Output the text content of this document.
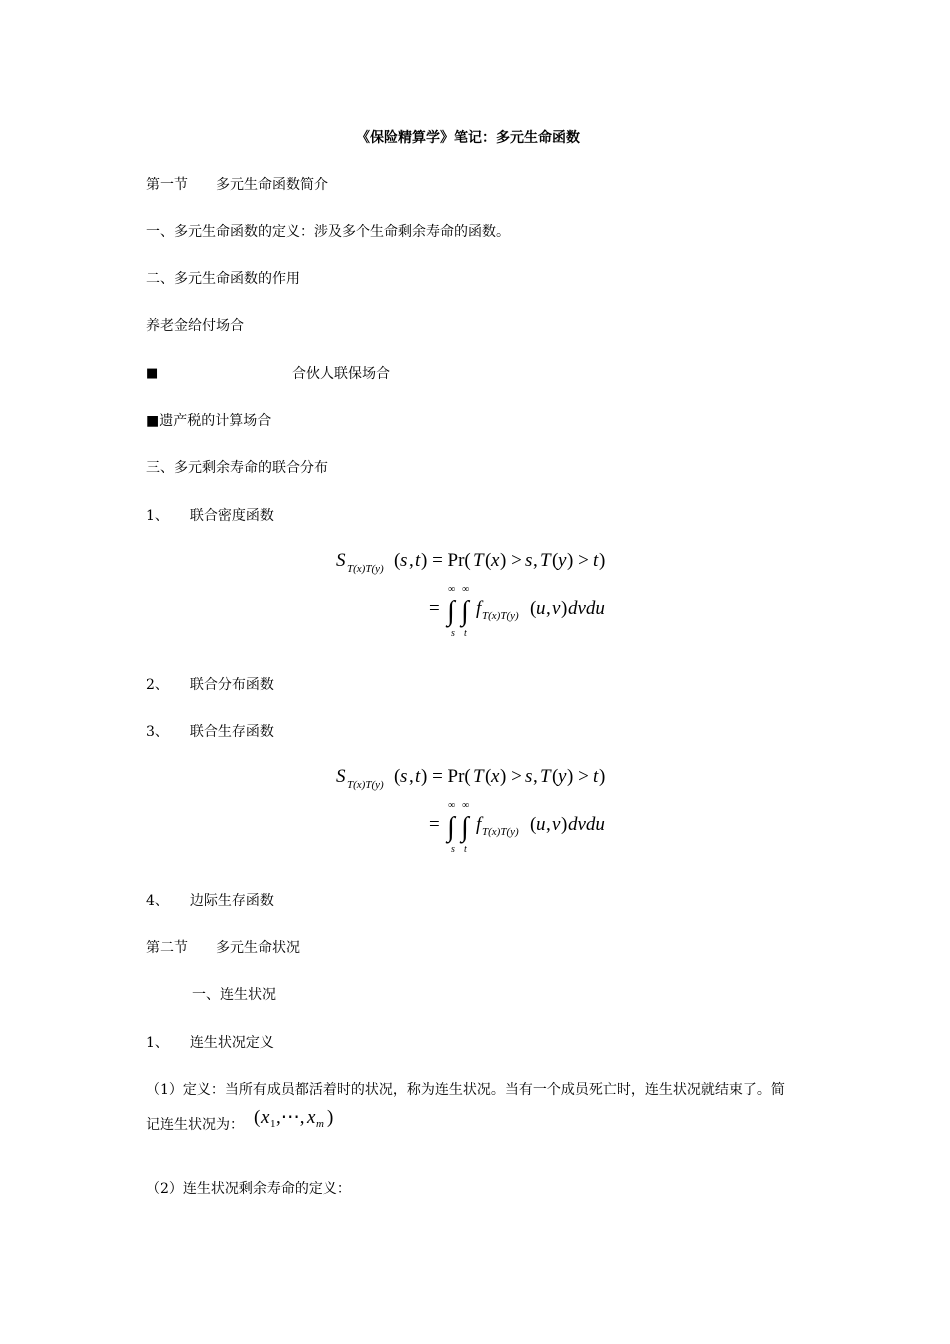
《保险精算学》笔记：多元生命函数
第一节　　多元生命函数简介
一、多元生命函数的定义：涉及多个生命剩余寿命的函数。
二、多元生命函数的作用
养老金给付场合
■	合伙人联保场合
■遗产税的计算场合
三、多元剩余寿命的联合分布
1、　　联合密度函数
S T(x)T(y) ( s , t ) = Pr( T ( x ) > s , T ( y ) > t )
=
∞ ∞
∫ ∫
s t
f T(x)T(y) ( u , v ) dvdu
2、　　联合分布函数
3、　　联合生存函数
S T(x)T(y) ( s , t ) = Pr( T ( x ) > s , T ( y ) > t )
=
∞ ∞
∫ ∫
s t
f T(x)T(y) ( u , v ) dvdu
4、　　边际生存函数
第二节　　多元生命状况
一、连生状况
1、　　连生状况定义
（1）定义：当所有成员都活着时的状况，称为连生状况。当有一个成员死亡时，连生状况就结束了。简
记连生状况为： ( x 1 ,⋯, x m )
（2）连生状况剩余寿命的定义：
